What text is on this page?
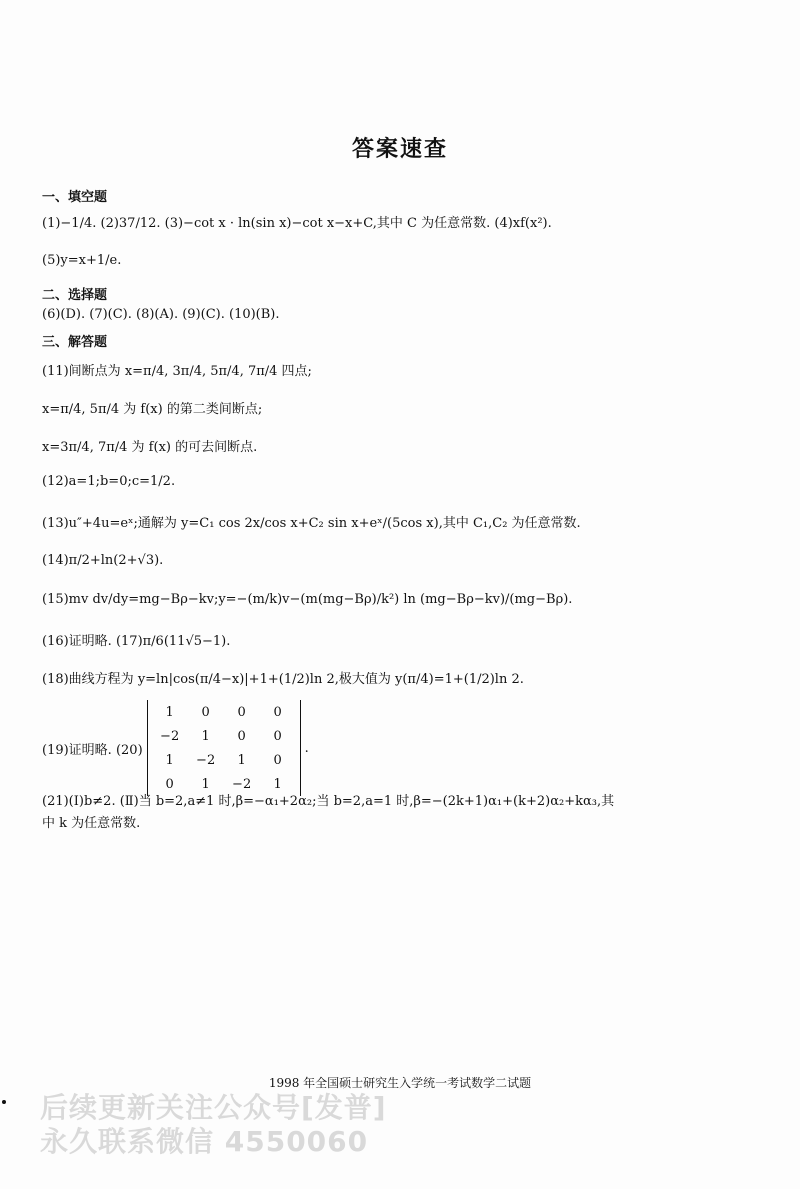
答案速查
一、填空题
(1)−1/4. (2)37/12. (3)−cot x · ln(sin x)−cot x−x+C,其中 C 为任意常数. (4)xf(x²).
(5)y=x+1/e.
二、选择题
(6)(D). (7)(C). (8)(A). (9)(C). (10)(B).
三、解答题
(11)间断点为 x=π/4, 3π/4, 5π/4, 7π/4 四点;
x=π/4, 5π/4 为 f(x) 的第二类间断点;
x=3π/4, 7π/4 为 f(x) 的可去间断点.
(12)a=1;b=0;c=1/2.
(13)u″+4u=eˣ;通解为 y=C₁ cos 2x/cos x+C₂ sin x+eˣ/(5cos x),其中 C₁,C₂ 为任意常数.
(14)π/2+ln(2+√3).
(15)mv dv/dy=mg−Bρ−kv;y=−(m/k)v−(m(mg−Bρ)/k²) ln (mg−Bρ−kv)/(mg−Bρ).
(16)证明略. (17)π/6(11√5−1).
(18)曲线方程为 y=ln|cos(π/4−x)|+1+(1/2)ln 2,极大值为 y(π/4)=1+(1/2)ln 2.
(19)证明略. (20)
1	0	0	0
−2	1	0	0
1	−2	1	0
0	1	−2	1
.
(21)(Ⅰ)b≠2. (Ⅱ)当 b=2,a≠1 时,β=−α₁+2α₂;当 b=2,a=1 时,β=−(2k+1)α₁+(k+2)α₂+kα₃,其
中 k 为任意常数.
1998 年全国硕士研究生入学统一考试数学二试题
后续更新关注公众号[发普]
永久联系微信 4550060
